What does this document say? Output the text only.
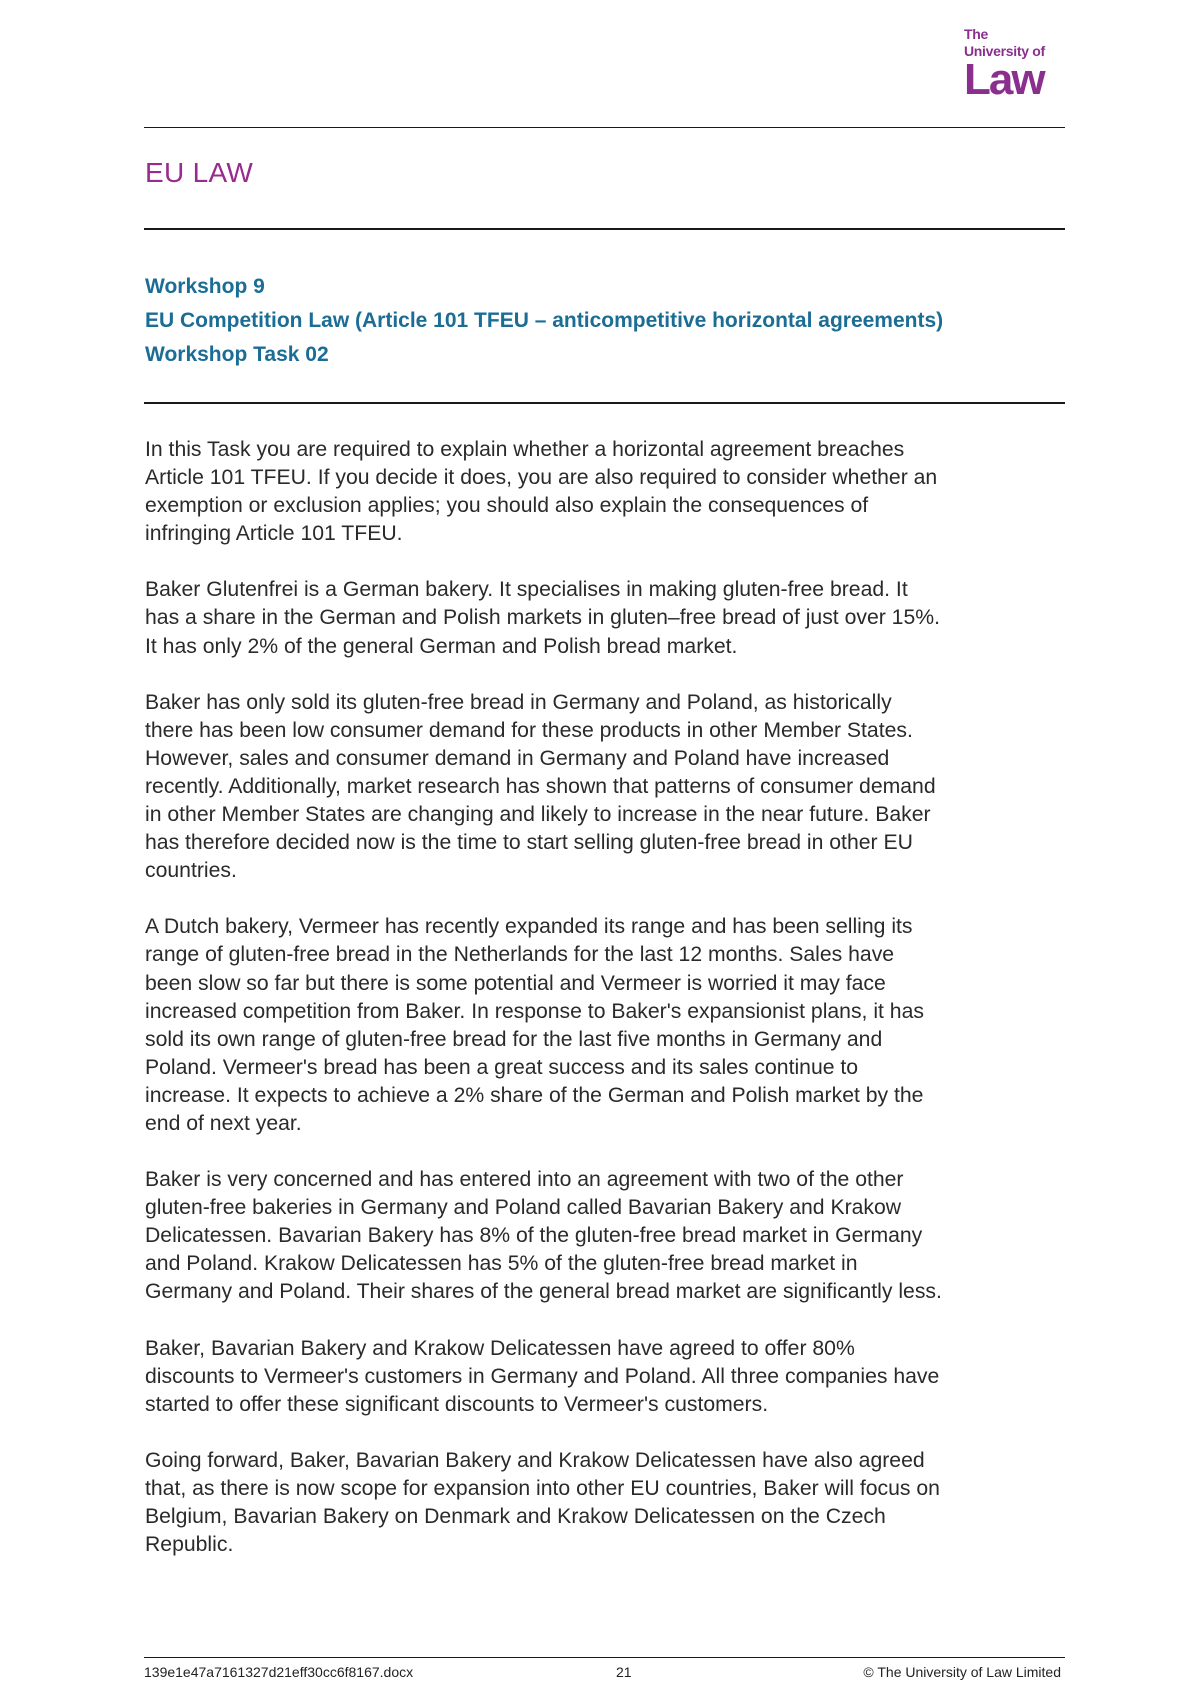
The
University of
Law
EU LAW
Workshop 9
EU Competition Law (Article 101 TFEU – anticompetitive horizontal agreements)
Workshop Task 02

In this Task you are required to explain whether a horizontal agreement breaches
Article 101 TFEU. If you decide it does, you are also required to consider whether an
exemption or exclusion applies; you should also explain the consequences of
infringing Article 101 TFEU.

Baker Glutenfrei is a German bakery. It specialises in making gluten-free bread. It
has a share in the German and Polish markets in gluten–free bread of just over 15%.
It has only 2% of the general German and Polish bread market.

Baker has only sold its gluten-free bread in Germany and Poland, as historically
there has been low consumer demand for these products in other Member States.
However, sales and consumer demand in Germany and Poland have increased
recently. Additionally, market research has shown that patterns of consumer demand
in other Member States are changing and likely to increase in the near future. Baker
has therefore decided now is the time to start selling gluten-free bread in other EU
countries.

A Dutch bakery, Vermeer has recently expanded its range and has been selling its
range of gluten-free bread in the Netherlands for the last 12 months. Sales have
been slow so far but there is some potential and Vermeer is worried it may face
increased competition from Baker. In response to Baker's expansionist plans, it has
sold its own range of gluten-free bread for the last five months in Germany and
Poland. Vermeer's bread has been a great success and its sales continue to
increase. It expects to achieve a 2% share of the German and Polish market by the
end of next year.

Baker is very concerned and has entered into an agreement with two of the other
gluten-free bakeries in Germany and Poland called Bavarian Bakery and Krakow
Delicatessen. Bavarian Bakery has 8% of the gluten-free bread market in Germany
and Poland. Krakow Delicatessen has 5% of the gluten-free bread market in
Germany and Poland. Their shares of the general bread market are significantly less.

Baker, Bavarian Bakery and Krakow Delicatessen have agreed to offer 80%
discounts to Vermeer's customers in Germany and Poland. All three companies have
started to offer these significant discounts to Vermeer's customers.

Going forward, Baker, Bavarian Bakery and Krakow Delicatessen have also agreed
that, as there is now scope for expansion into other EU countries, Baker will focus on
Belgium, Bavarian Bakery on Denmark and Krakow Delicatessen on the Czech
Republic.

139e1e47a7161327d21eff30cc6f8167.docx	21	© The University of Law Limited
